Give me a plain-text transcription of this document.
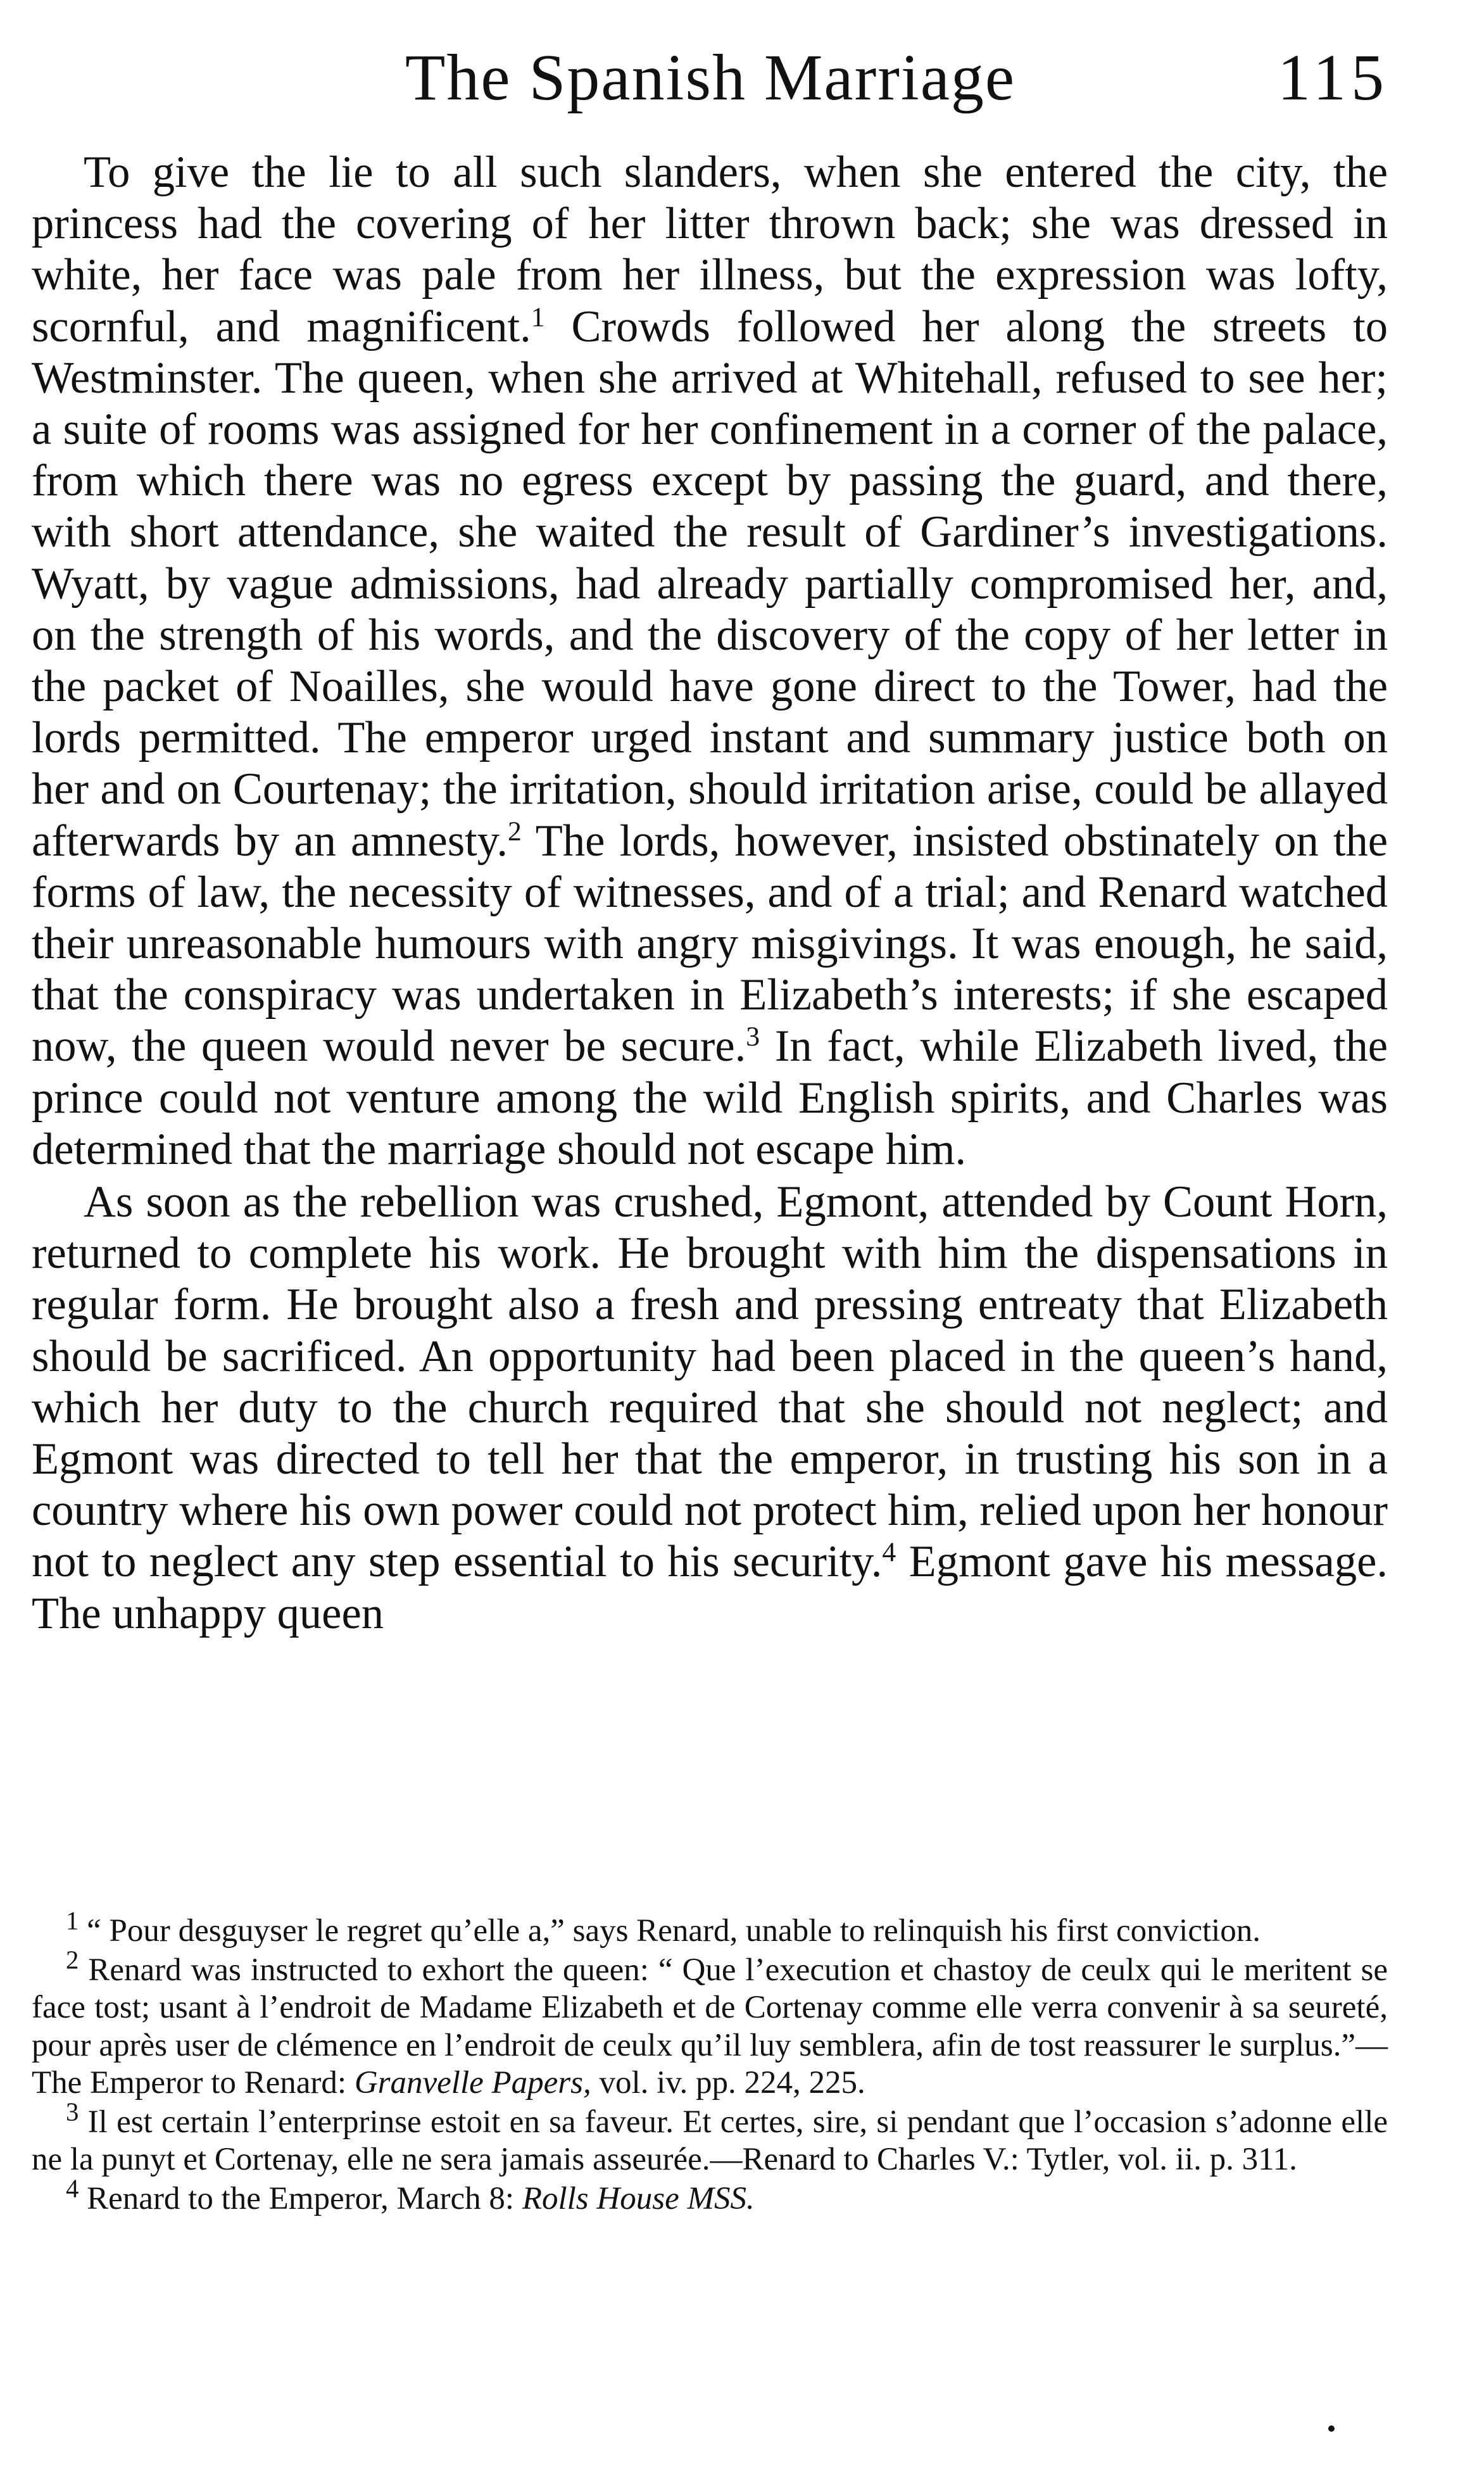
The Spanish Marriage	115

To give the lie to all such slanders, when she entered the city, the princess had the covering of her litter thrown back; she was dressed in white, her face was pale from her illness, but the expression was lofty, scornful, and magnificent.$^1$ Crowds followed her along the streets to Westminster. The queen, when she arrived at Whitehall, refused to see her; a suite of rooms was assigned for her confinement in a corner of the palace, from which there was no egress except by passing the guard, and there, with short attendance, she waited the result of Gardiner’s investigations. Wyatt, by vague admissions, had already partially compromised her, and, on the strength of his words, and the discovery of the copy of her letter in the packet of Noailles, she would have gone direct to the Tower, had the lords permitted. The emperor urged instant and summary justice both on her and on Courtenay; the irritation, should irritation arise, could be allayed afterwards by an amnesty.$^2$ The lords, however, insisted obstinately on the forms of law, the necessity of witnesses, and of a trial; and Renard watched their unreasonable humours with angry misgivings. It was enough, he said, that the conspiracy was undertaken in Elizabeth’s interests; if she escaped now, the queen would never be secure.$^3$ In fact, while Elizabeth lived, the prince could not venture among the wild English spirits, and Charles was determined that the marriage should not escape him.

As soon as the rebellion was crushed, Egmont, attended by Count Horn, returned to complete his work. He brought with him the dispensations in regular form. He brought also a fresh and pressing entreaty that Elizabeth should be sacrificed. An opportunity had been placed in the queen’s hand, which her duty to the church required that she should not neglect; and Egmont was directed to tell her that the emperor, in trusting his son in a country where his own power could not protect him, relied upon her honour not to neglect any step essential to his security.$^4$ Egmont gave his message. The unhappy queen

$^1$ “ Pour desguyser le regret qu’elle a,” says Renard, unable to relinquish his first conviction.

$^2$ Renard was instructed to exhort the queen: “ Que l’execution et chastoy de ceulx qui le meritent se face tost; usant à l’endroit de Madame Elizabeth et de Cortenay comme elle verra convenir à sa seureté, pour après user de clémence en l’endroit de ceulx qu’il luy semblera, afin de tost reassurer le surplus.”—The Emperor to Renard: Granvelle Papers, vol. iv. pp. 224, 225.

$^3$ Il est certain l’enterprinse estoit en sa faveur. Et certes, sire, si pendant que l’occasion s’adonne elle ne la punyt et Cortenay, elle ne sera jamais asseurée.—Renard to Charles V.: Tytler, vol. ii. p. 311.

$^4$ Renard to the Emperor, March 8: Rolls House MSS.
